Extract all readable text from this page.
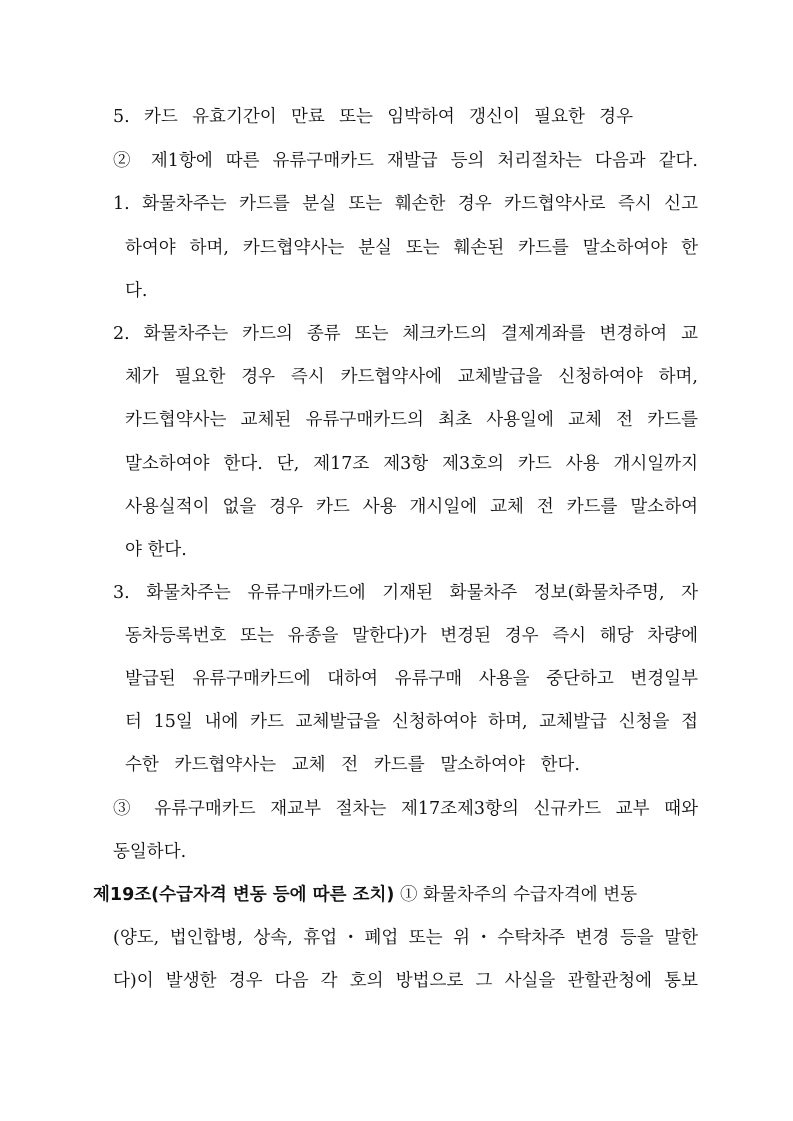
5. 카드 유효기간이 만료 또는 임박하여 갱신이 필요한 경우
② 제1항에 따른 유류구매카드 재발급 등의 처리절차는 다음과 같다.
1. 화물차주는 카드를 분실 또는 훼손한 경우 카드협약사로 즉시 신고
하여야 하며, 카드협약사는 분실 또는 훼손된 카드를 말소하여야 한
다.
2. 화물차주는 카드의 종류 또는 체크카드의 결제계좌를 변경하여 교
체가 필요한 경우 즉시 카드협약사에 교체발급을 신청하여야 하며,
카드협약사는 교체된 유류구매카드의 최초 사용일에 교체 전 카드를
말소하여야 한다. 단, 제17조 제3항 제3호의 카드 사용 개시일까지
사용실적이 없을 경우 카드 사용 개시일에 교체 전 카드를 말소하여
야 한다.
3. 화물차주는 유류구매카드에 기재된 화물차주 정보(화물차주명, 자
동차등록번호 또는 유종을 말한다)가 변경된 경우 즉시 해당 차량에
발급된 유류구매카드에 대하여 유류구매 사용을 중단하고 변경일부
터 15일 내에 카드 교체발급을 신청하여야 하며, 교체발급 신청을 접
수한 카드협약사는 교체 전 카드를 말소하여야 한다.
③ 유류구매카드 재교부 절차는 제17조제3항의 신규카드 교부 때와
동일하다.
제19조(수급자격 변동 등에 따른 조치) ① 화물차주의 수급자격에 변동
(양도, 법인합병, 상속, 휴업・폐업 또는 위・수탁차주 변경 등을 말한
다)이 발생한 경우 다음 각 호의 방법으로 그 사실을 관할관청에 통보
